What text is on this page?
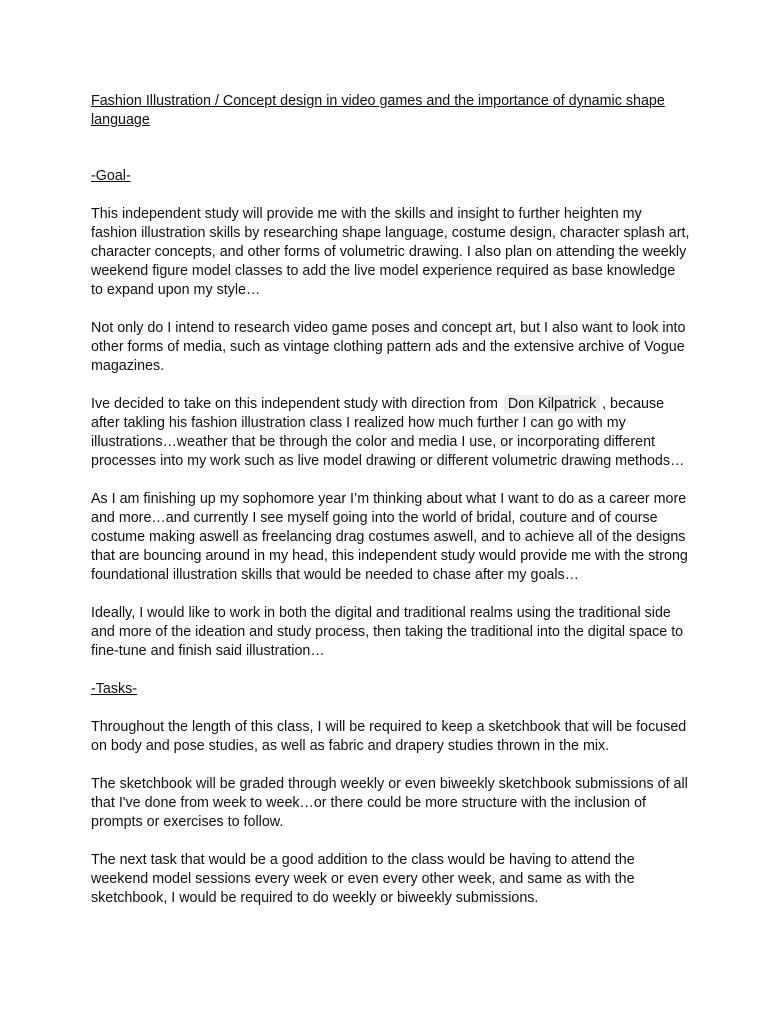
Fashion Illustration / Concept design in video games and the importance of dynamic shape language

-Goal-

This independent study will provide me with the skills and insight to further heighten my fashion illustration skills by researching shape language, costume design, character splash art, character concepts, and other forms of volumetric drawing. I also plan on attending the weekly weekend figure model classes to add the live model experience required as base knowledge to expand upon my style…

Not only do I intend to research video game poses and concept art, but I also want to look into other forms of media, such as vintage clothing pattern ads and the extensive archive of Vogue magazines.

Ive decided to take on this independent study with direction from Don Kilpatrick , because after takling his fashion illustration class I realized how much further I can go with my illustrations…weather that be through the color and media I use, or incorporating different processes into my work such as live model drawing or different volumetric drawing methods…

As I am finishing up my sophomore year I’m thinking about what I want to do as a career more and more…and currently I see myself going into the world of bridal, couture and of course costume making aswell as freelancing drag costumes aswell, and to achieve all of the designs that are bouncing around in my head, this independent study would provide me with the strong foundational illustration skills that would be needed to chase after my goals…

Ideally, I would like to work in both the digital and traditional realms using the traditional side and more of the ideation and study process, then taking the traditional into the digital space to fine-tune and finish said illustration…

-Tasks-

Throughout the length of this class, I will be required to keep a sketchbook that will be focused on body and pose studies, as well as fabric and drapery studies thrown in the mix.

The sketchbook will be graded through weekly or even biweekly sketchbook submissions of all that I've done from week to week…or there could be more structure with the inclusion of prompts or exercises to follow.

The next task that would be a good addition to the class would be having to attend the weekend model sessions every week or even every other week, and same as with the sketchbook, I would be required to do weekly or biweekly submissions.
